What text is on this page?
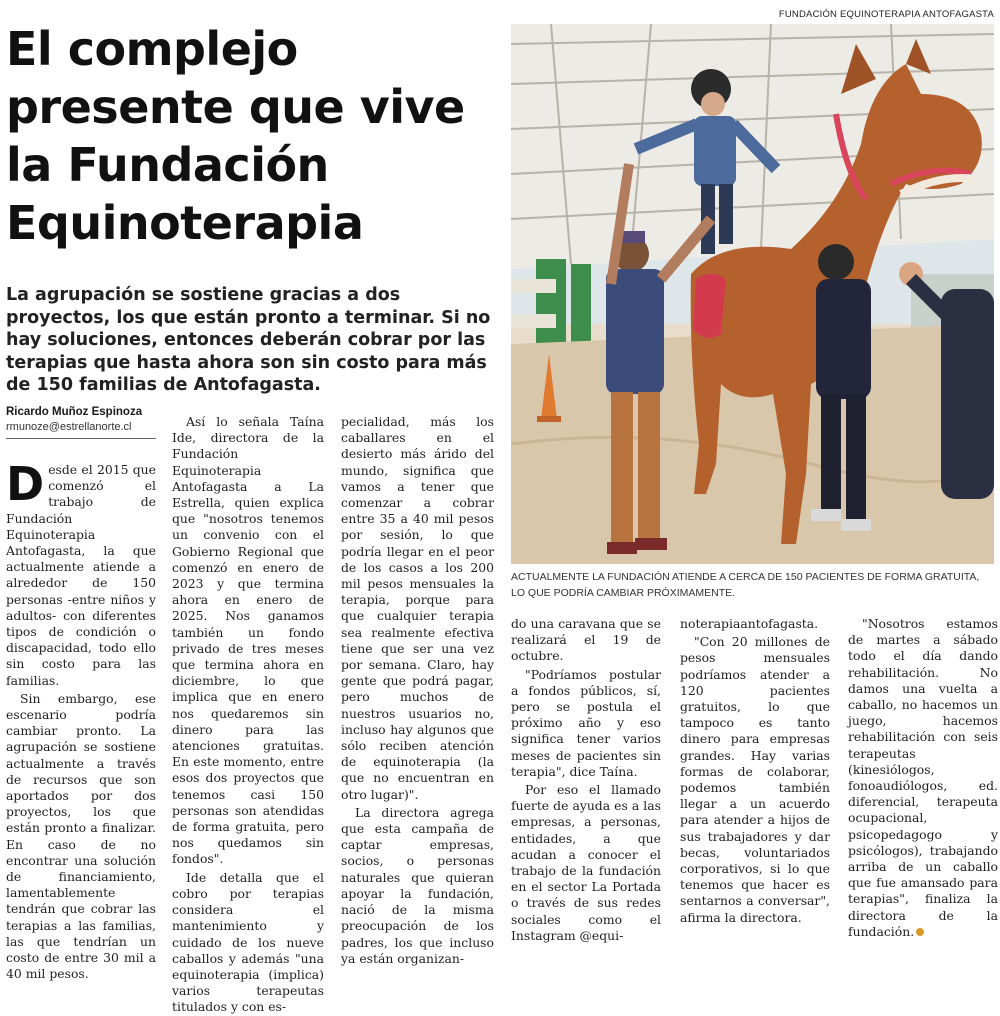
El complejo presente que vive la Fundación Equinoterapia

La agrupación se sostiene gracias a dos proyectos, los que están pronto a terminar. Si no hay soluciones, entonces deberán cobrar por las terapias que hasta ahora son sin costo para más de 150 familias de Antofagasta.

FUNDACIÓN EQUINOTERAPIA ANTOFAGASTA
ACTUALMENTE LA FUNDACIÓN ATIENDE A CERCA DE 150 PACIENTES DE FORMA GRATUITA, LO QUE PODRÍA CAMBIAR PRÓXIMAMENTE.
Ricardo Muñoz Espinoza
rmunoze@estrellanorte.cl

Desde el 2015 que comenzó el trabajo de Fundación Equinoterapia Antofagasta, la que actualmente atiende a alrededor de 150 personas -entre niños y adultos- con diferentes tipos de condición o discapacidad, todo ello sin costo para las familias.

Sin embargo, ese escenario podría cambiar pronto. La agrupación se sostiene actualmente a través de recursos que son aportados por dos proyectos, los que están pronto a finalizar. En caso de no encontrar una solución de financiamiento, lamentablemente tendrán que cobrar las terapias a las familias, las que tendrían un costo de entre 30 mil a 40 mil pesos.

Así lo señala Taína Ide, directora de la Fundación Equinoterapia Antofagasta a La Estrella, quien explica que "nosotros tenemos un convenio con el Gobierno Regional que comenzó en enero de 2023 y que termina ahora en enero de 2025. Nos ganamos también un fondo privado de tres meses que termina ahora en diciembre, lo que implica que en enero nos quedaremos sin dinero para las atenciones gratuitas. En este momento, entre esos dos proyectos que tenemos casi 150 personas son atendidas de forma gratuita, pero nos quedamos sin fondos".

Ide detalla que el cobro por terapias considera el mantenimiento y cuidado de los nueve caballos y además "una equinoterapia (implica) varios terapeutas titulados y con es-

pecialidad, más los caballares en el desierto más árido del mundo, significa que vamos a tener que comenzar a cobrar entre 35 a 40 mil pesos por sesión, lo que podría llegar en el peor de los casos a los 200 mil pesos mensuales la terapia, porque para que cualquier terapia sea realmente efectiva tiene que ser una vez por semana. Claro, hay gente que podrá pagar, pero muchos de nuestros usuarios no, incluso hay algunos que sólo reciben atención de equinoterapia (la que no encuentran en otro lugar)".

La directora agrega que esta campaña de captar empresas, socios, o personas naturales que quieran apoyar la fundación, nació de la misma preocupación de los padres, los que incluso ya están organizan-

do una caravana que se realizará el 19 de octubre.

"Podríamos postular a fondos públicos, sí, pero se postula el próximo año y eso significa tener varios meses de pacientes sin terapia", dice Taína.

Por eso el llamado fuerte de ayuda es a las empresas, a personas, entidades, a que acudan a conocer el trabajo de la fundación en el sector La Portada o través de sus redes sociales como el Instagram @equi-

noterapiaantofagasta.

"Con 20 millones de pesos mensuales podríamos atender a 120 pacientes gratuitos, lo que tampoco es tanto dinero para empresas grandes. Hay varias formas de colaborar, podemos también llegar a un acuerdo para atender a hijos de sus trabajadores y dar becas, voluntariados corporativos, si lo que tenemos que hacer es sentarnos a conversar", afirma la directora.

"Nosotros estamos de martes a sábado todo el día dando rehabilitación. No damos una vuelta a caballo, no hacemos un juego, hacemos rehabilitación con seis terapeutas (kinesiólogos, fonoaudiólogos, ed. diferencial, terapeuta ocupacional, psicopedagogo y psicólogos), trabajando arriba de un caballo que fue amansado para terapias", finaliza la directora de la fundación.
